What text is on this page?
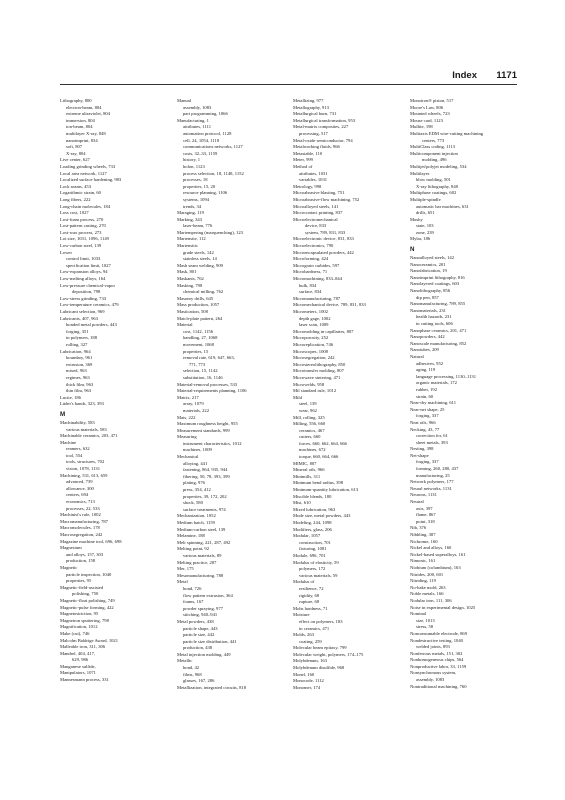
Index 1171
Lithography, 800
electron-beam, 804
extreme ultraviolet, 804
immersion, 804
ion-beam, 804
multilayer X-ray, 848
nanoimprint, 834
soft, 807
X-ray, 804
Live center, 627
Loading grinding wheels, 733
Local area network, 1127
Localized surface hardening, 983
Lock seams, 453
Logarithmic strain, 60
Long fibers, 222
Long-chain molecules, 184
Loss cost, 1027
Lost-foam process, 270
Lost-pattern casting, 270
Lost-wax process, 273
Lot size, 1031, 1096, 1149
Low-carbon steel, 139
Lower
control limit, 1033
specification limit, 1027
Low-expansion alloys, 94
Low-melting alloys, 164
Low-pressure chemical-vapor
deposition, 798
Low-stress grinding, 733
Low-temperature ceramics, 479
Lubricant selection, 969
Lubricants, 407, 963
bonded metal powders, 443
forging, 351
in polymers, 188
rolling, 327
Lubrication, 964
boundary, 961
extrusion, 369
mixed, 963
regimes, 963
thick film, 963
thin film, 963
Lucite, 186
Lüder's bands, 323, 393
M
Machinability, 583
various materials, 583
Machinable ceramics, 203, 471
Machine
reamers, 632
tool, 554
tools, structures, 702
vision, 1078, 1131
Machining, 531, 613, 659
advanced, 739
allowance, 300
centers, 694
economics, 713
processes, 22, 533
Machinist's rule, 1002
Macromanufacturing, 787
Macromolecules, 178
Macrosegregation, 242
Magazine machine tool, 696, 698
Magnesium
and alloys, 157, 303
production, 158
Magnetic
particle inspection, 1040
properties, 95
Magnetic-field-assisted
polishing, 750
Magnetic-float polishing, 749
Magnetic-pulse forming, 422
Magnetostriction, 95
Magnetron sputtering, 798
Magnification, 1012
Make (cut), 746
Malcolm Baldrige Award, 1021
Malleable iron, 311, 306
Mandrel, 404, 417,
629, 986
Manganese sulfide,
Manipulators, 1071
Mannesmann process, 331
Manual
assembly, 1083
part programming, 1066
Manufacturing, 1
attributes, 1111
automation protocol, 1128
cell, 24, 1054, 1118
communications networks, 1127
costs, 32–33, 1159
history, 1
holon, 1123
process selection, 18, 1148, 1152
processes, 18
properties, 15, 20
resource planning, 1106
systems, 1094
trends, 34
Maraging, 119
Marking, 343
laser-beam, 776
Martempering (marquenching), 123
Martensite, 112
Martensitic
grade steels, 142
stainless steels, 14
Mash seam welding, 909
Mask, 801
Maskants, 762
Masking, 798
chemical milling, 762
Masonry drills, 645
Mass production, 1057
Mastication, 508
Match-plate pattern, 264
Material
cost, 1142, 1156
handling, 27, 1068
movement, 1068
properties, 15
removal rate, 619, 647, 663,
771, 773
selection, 15, 1142
substitution, 16, 1146
Material-removal processes, 533
Material-requirements planning, 1106
Matrix, 217
array, 1079
materials, 222
Mats, 222
Maximum roughness height, 955
Measurement standards, 999
Measuring
instrument characteristics, 1012
machines, 1009
Mechanical
alloying, 441
fastening, 864, 935, 944
fibering, 50, 78, 393, 399
plating, 976
press, 354, 412
properties, 39, 172, 202
shock, 580
surface treatments, 974
Mechanization, 1052
Medium batch, 1159
Medium-carbon steel, 139
Melamine, 188
Melt spinning, 221, 287, 492
Melting point, 92
various materials, 89
Melting practice, 287
Mer, 175
Mesomanufacturing, 788
Metal
bond, 726
flow pattern extrusion, 364
foams, 167
powder spraying, 977
stitching, 940–941
Metal powders, 438
particle shape, 443
particle size, 442
particle size distribution, 441
production, 438
Metal injection molding, 449
Metallic
bond, 42
films, 968
glasses, 167, 286
Metallization, integrated circuits, 818
Metallizing, 977
Metallography, 913
Metallurgical burn, 731
Metallurgical transformation, 953
Metal-matrix composites, 227
processing, 517
Metal-oxide semiconductor, 794
Metalworking fluids, 966
Metastable, 110
Meter, 999
Method of
attributes, 1031
variables, 1031
Metrology, 998
Microabrasive blasting, 751
Microabrasive-flow machining, 752
Microalloyed steels, 141
Microcontact printing, 837
Microelectromechanical
device, 833
system, 789, 831, 833
Microelectronic device, 831, 833
Microelectronics, 790
Microencapsulated powders, 442
Microforming, 424
Micrograin carbides, 597
Microhardness, 71
Micromachining, 833–844
bulk, 834
surface, 834
Micromanufacturing, 787
Micromechanical device, 789, 831, 833
Micrometers, 1002
depth gage, 1002
laser scan, 1009
Micromolding in capillaries, 807
Microporosity, 252
Microreplication, 746
Microscopes, 1008
Microsegregation, 242
Microstereolithography, 850
Microtransfer molding, 807
Microwave sintering, 471
Microwelds, 958
Mil standard rule, 1012
Mild
steel, 139
wear, 962
Mill, rolling, 325
Milling, 556, 660
ceramics, 467
cutters, 660
forces, 660, 662, 664, 666
machines, 672
torque, 660, 664, 666
MIMIC, 807
Mineral oils, 966
Minimills, 311
Minimum bend radius, 398
Minimum-quantity lubrication, 613
Miscible blends, 180
Mist, 610
Mixed lubrication, 963
Mode size, metal powders, 443
Modeling, 244, 1098
Modifiers, glass, 206
Modular, 1057
construction, 701
fixturing, 1081
Module, 696, 701
Modulus of elasticity, 59
polymers, 172
various materials, 59
Modulus of
resilience, 72
rigidity, 68
rupture, 68
Mohs hardness, 71
Moisture
effect on polymers, 183
in ceramics, 471
Molds, 263
coating, 259
Molecular beam epitaxy, 799
Molecular weight, polymers, 174–175
Molybdenum, 163
Molybdenum disulfide, 968
Monel, 160
Monocode, 1112
Monomer, 174
Monotron® piston, 517
Moore's Law, 806
Mounted wheels, 723
Mouse card, 1123
Mullite, 198
Multiaxis EDM wire-cutting machining
centers, 773
MultiClass coding, 1113
Multicomponent injection
molding, 496
Multijet/polyjet modeling, 534
Multilayer
blow molding, 501
X-ray lithography, 848
Multiphase coatings, 602
Multiple-spindle
automatic bar machines, 631
drills, 651
Mushy
state, 103
zone, 239
Mylar, 186
N
Nanoalloyed steels, 142
Nanoceramics, 201
Nanofabrication, 19
Nanoimprint lithography, 816
Nanolayered coatings, 603
Nanolithography, 856
dip pen, 857
Nanomanufacturing, 789, 855
Nanomaterials, 231
health hazards, 231
in cutting tools, 606
Nanophase ceramics, 201, 471
Nanopowders, 442
Nanoscale manufacturing, 852
Nanotubes, 209
Natural
adhesives, 952
aging, 119
language processing, 1130–1131
organic materials, 172
rubber, 192
strain, 60
Near-dry machining, 611
Near-net shape, 25
forging, 337
Neat oils, 966
Necking, 43, 77
correction for, 61
sheet metals, 393
Nesting, 398
Net-shape
forging, 337
forming, 260, 280, 437
manufacturing, 25
Network polymers, 177
Neural networks, 1131
Neurons, 1131
Neutral
axis, 397
flame, 867
point, 318
Nib, 376
Nibbling, 387
Nichrome, 160
Nickel and alloys, 160
Nickel-based superalloys, 161
Nimonic, 161
Niobium (columbium), 163
Nitrides, 200, 601
Nitriding, 119
No-bake mold, 263
Noble metals, 166
Nodular iron, 111, 306
Noise in experimental design, 1025
Nominal
size, 1013
stress, 58
Nonconsumable electrode, 869
Nondestructive testing, 1040
welded joints, 893
Nonferrous metals, 151, 302
Nonhomogeneous chips, 564
Nonproductive labor, 33, 1159
Nonsynchronous system,
assembly, 1083
Nontraditional machining, 760
